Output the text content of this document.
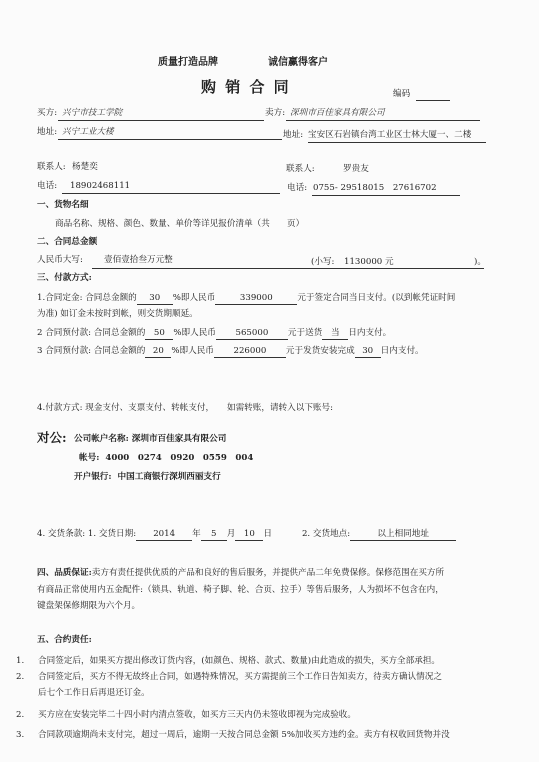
质量打造品牌	诚信赢得客户
购 销 合 同	编码
买方: 兴宁市技工学院	卖方: 深圳市百佳家具有限公司
地址: 兴宁工业大楼	地址: 宝安区石岩镇台湾工业区士林大厦一、二楼
联系人: 杨楚奕	联系人:	罗贵友
电话: 18902468111	电话: 0755- 29518015　27616702
一、货物名细
商品名称、规格、颜色、数量、单价等详见报价清单（共　　页）
二、合同总金额
人民币大写: 壹佰壹拾叁万元整	(小写: 1130000 元	)。
三、付款方式:
1.合同定金: 合同总金额的 30 %即人民币	339000	元于签定合同当日支付。(以到帐凭证时间
为准) 如订金未按时到帐，则交货期顺延。
2 合同预付款: 合同总金额的 50 %即人民币 565000 元于送货 当 日内支付。
3 合同预付款: 合同总金额的 20 %即人民币 226000 元于发货安装完成 30 日内支付。
4.付款方式: 现金支付、支票支付、转帐支付，　　如需转账，请转入以下账号:
对公: 公司帐户名称: 深圳市百佳家具有限公司
帐号: 4000　0274　0920　0559　004
开户银行: 中国工商银行深圳西丽支行
4. 交货条款: 1. 交货日期: 2014 年 5 月 10 日	2. 交货地点:	以上相同地址
四、品质保证:卖方有责任提供优质的产品和良好的售后服务，并提供产品二年免费保修。保修范围在买方所
有商品正常使用内五金配件:（锁具、轨道、椅子脚、轮、合页、拉手）等售后服务，人为损坏不包含在内，
键盘架保修期限为六个月。
五、合约责任:
1. 合同签定后，如果买方提出修改订货内容，(如颜色、规格、款式、数量)由此造成的损失，买方全部承担。
2. 合同签定后，买方不得无故终止合同，如遇特殊情况，买方需提前三个工作日告知卖方，待卖方确认情况之
后七个工作日后再退还订金。
2. 买方应在安装完毕二十四小时内清点签收，如买方三天内仍未签收即视为完成验收。
3. 合同款项逾期尚未支付完，超过一周后，逾期一天按合同总金额 5%加收买方违约金。卖方有权收回货物并没
